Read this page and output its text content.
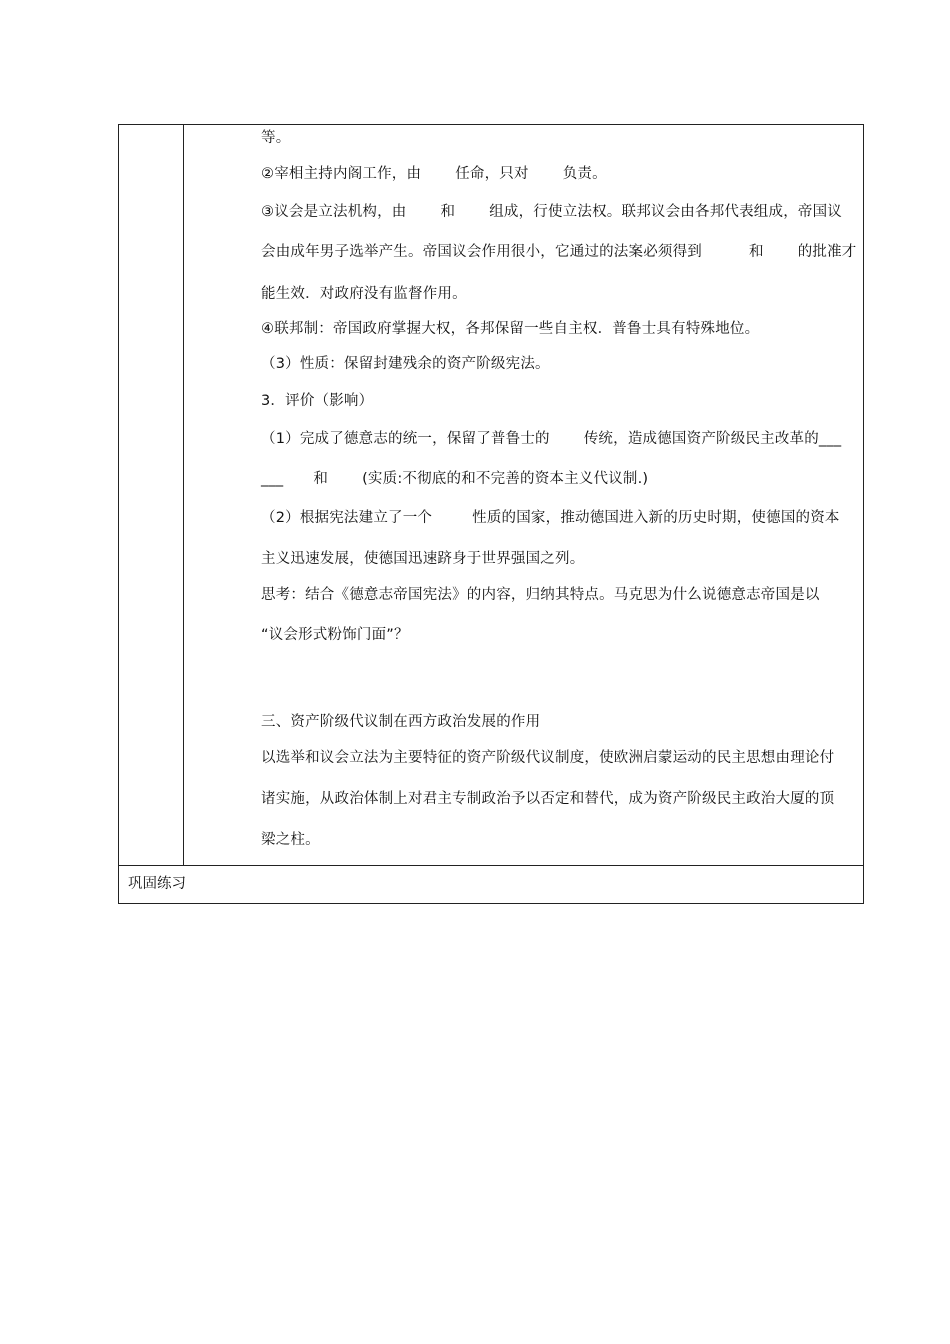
等。
②宰相主持内阁工作，由 任命，只对 负责。
③议会是立法机构，由 和 组成，行使立法权。联邦议会由各邦代表组成，帝国议
会由成年男子选举产生。帝国议会作用很小，它通过的法案必须得到	和 的批准才
能生效．对政府没有监督作用。
④联邦制：帝国政府掌握大权，各邦保留一些自主权．普鲁士具有特殊地位。
（3）性质：保留封建残余的资产阶级宪法。
3．评价（影响）
（1）完成了德意志的统一，保留了普鲁士的 传统，造成德国资产阶级民主改革的___
___ 和 (实质:不彻底的和不完善的资本主义代议制.)
（2）根据宪法建立了一个	性质的国家，推动德国进入新的历史时期，使德国的资本
主义迅速发展，使德国迅速跻身于世界强国之列。
思考：结合《德意志帝国宪法》的内容，归纳其特点。马克思为什么说德意志帝国是以
“议会形式粉饰门面”？
三、资产阶级代议制在西方政治发展的作用
以选举和议会立法为主要特征的资产阶级代议制度，使欧洲启蒙运动的民主思想由理论付
诸实施，从政治体制上对君主专制政治予以否定和替代，成为资产阶级民主政治大厦的顶
梁之柱。
巩固练习
